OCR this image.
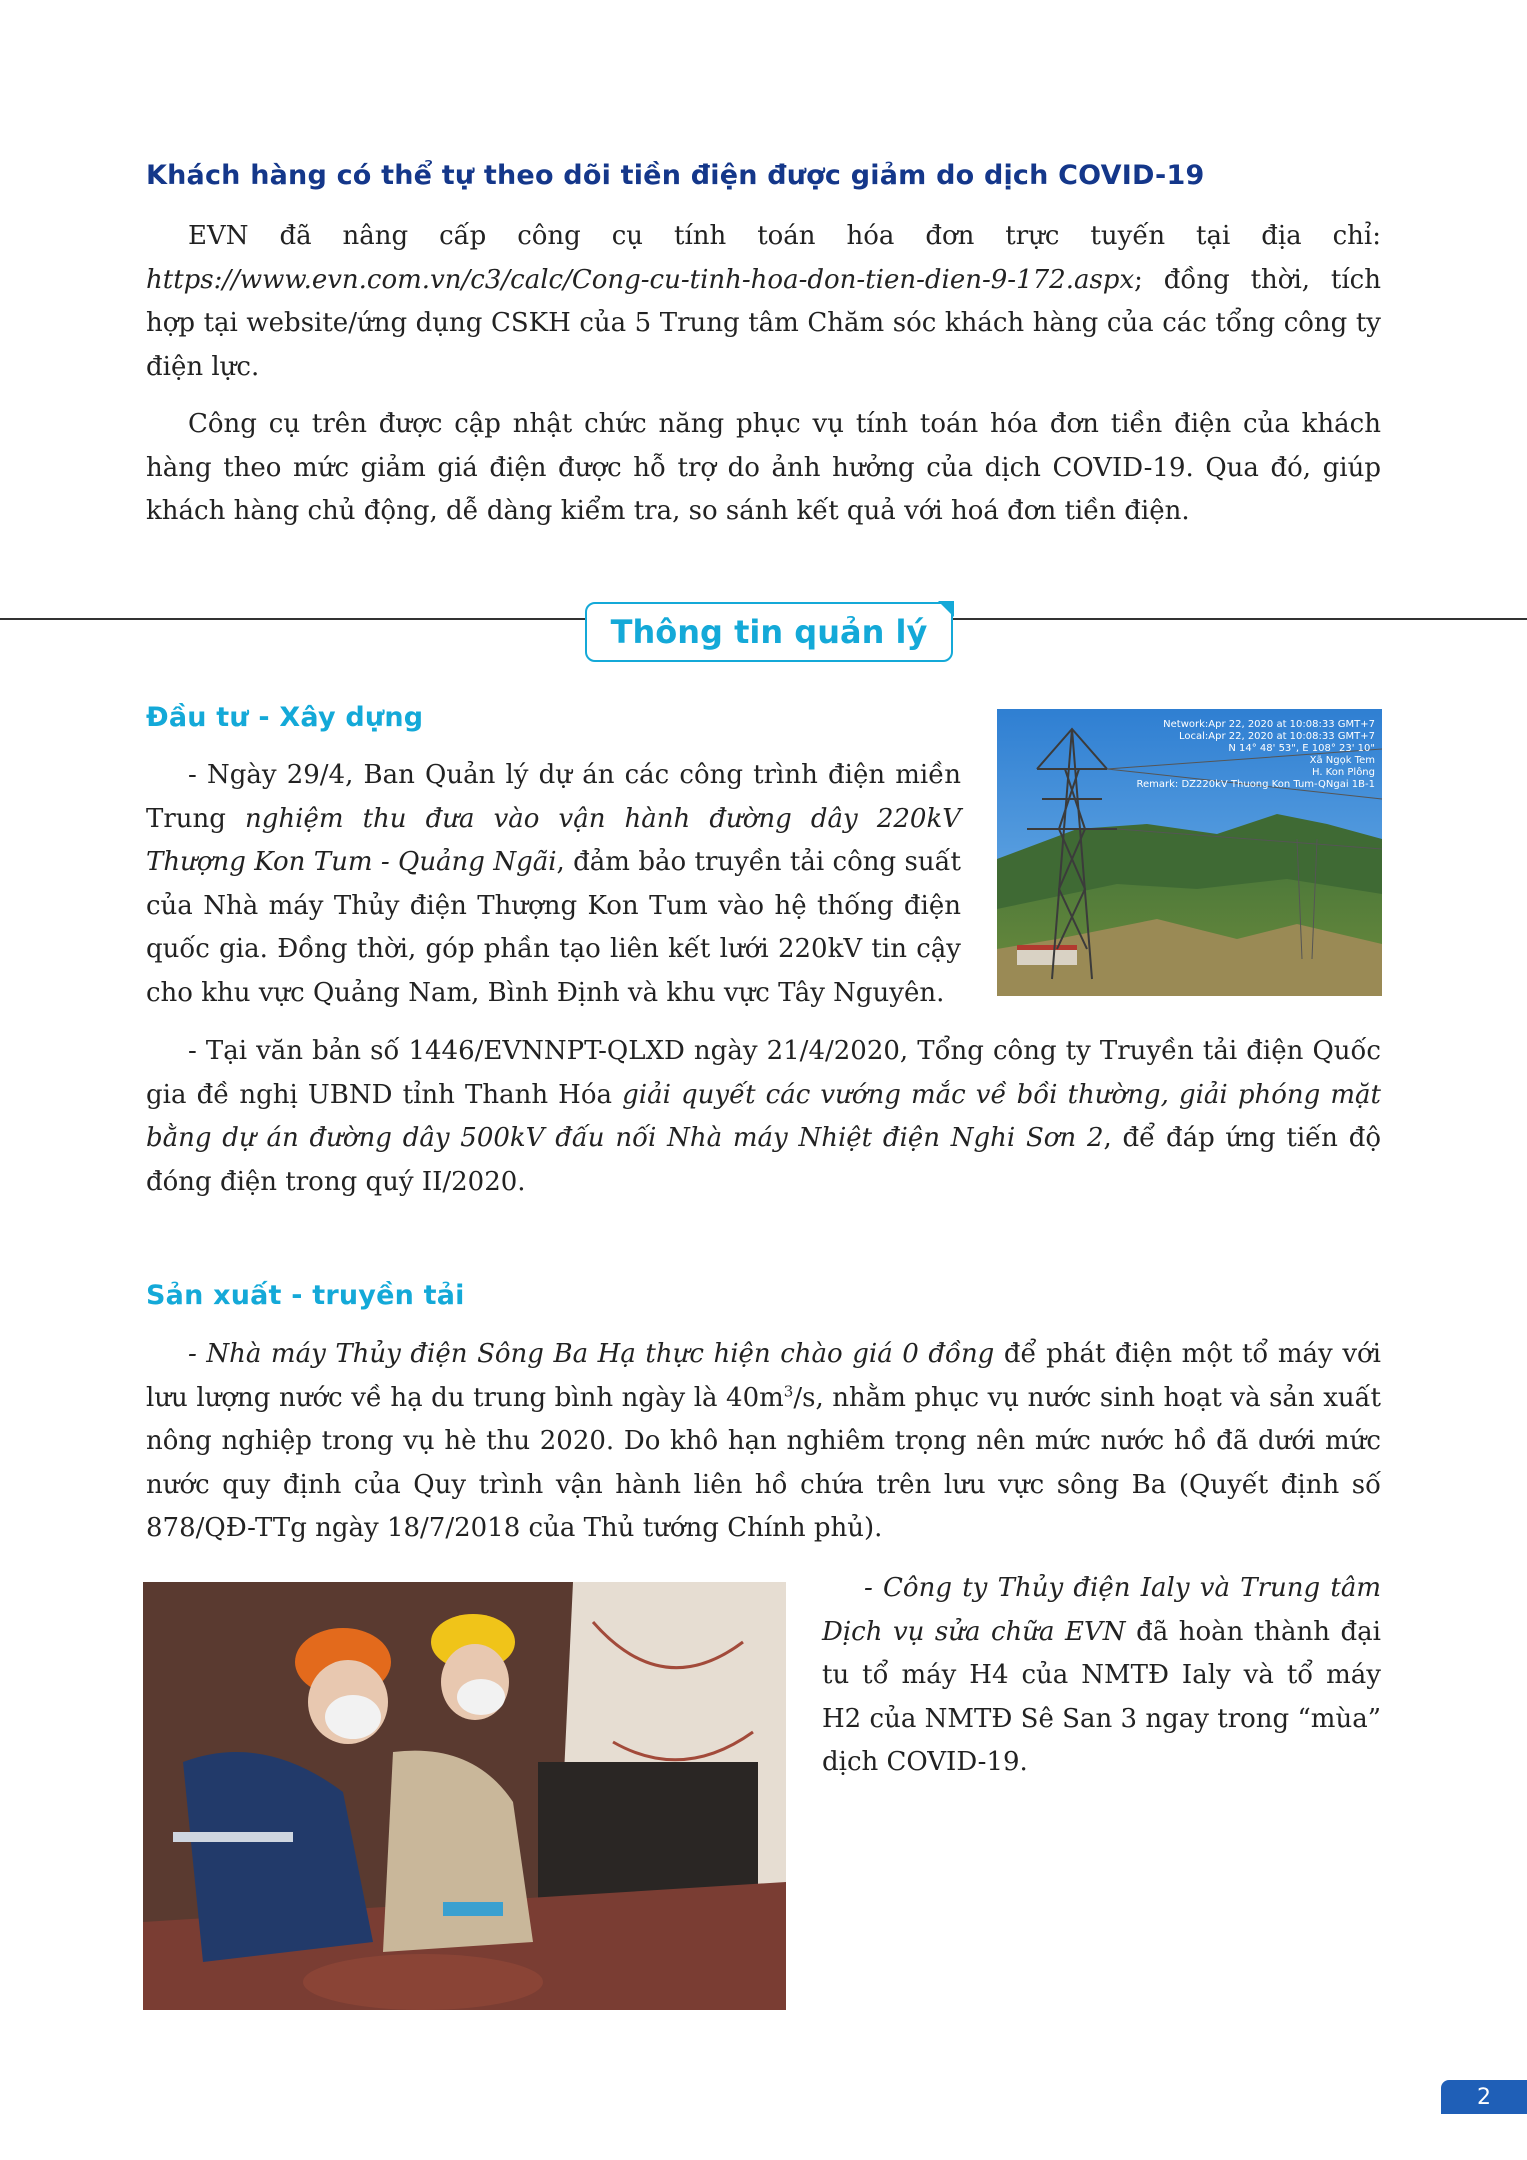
Khách hàng có thể tự theo dõi tiền điện được giảm do dịch COVID-19

EVN đã nâng cấp công cụ tính toán hóa đơn trực tuyến tại địa chỉ: https://www.evn.com.vn/c3/calc/Cong-cu-tinh-hoa-don-tien-dien-9-172.aspx; đồng thời, tích hợp tại website/ứng dụng CSKH của 5 Trung tâm Chăm sóc khách hàng của các tổng công ty điện lực.

Công cụ trên được cập nhật chức năng phục vụ tính toán hóa đơn tiền điện của khách hàng theo mức giảm giá điện được hỗ trợ do ảnh hưởng của dịch COVID-19. Qua đó, giúp khách hàng chủ động, dễ dàng kiểm tra, so sánh kết quả với hoá đơn tiền điện.

Thông tin quản lý
Đầu tư - Xây dựng	Network:Apr 22, 2020 at 10:08:33 GMT+7
Local:Apr 22, 2020 at 10:08:33 GMT+7
N 14° 48' 53", E 108° 23' 10"
Xã Ngọk Tem
H. Kon Plông
Remark: DZ220kV Thuong Kon Tum-QNgai 1B-1

- Ngày 29/4, Ban Quản lý dự án các công trình điện miền Trung nghiệm thu đưa vào vận hành đường dây 220kV Thượng Kon Tum - Quảng Ngãi, đảm bảo truyền tải công suất của Nhà máy Thủy điện Thượng Kon Tum vào hệ thống điện quốc gia. Đồng thời, góp phần tạo liên kết lưới 220kV tin cậy cho khu vực Quảng Nam, Bình Định và khu vực Tây Nguyên.

- Tại văn bản số 1446/EVNNPT-QLXD ngày 21/4/2020, Tổng công ty Truyền tải điện Quốc gia đề nghị UBND tỉnh Thanh Hóa giải quyết các vướng mắc về bồi thường, giải phóng mặt bằng dự án đường dây 500kV đấu nối Nhà máy Nhiệt điện Nghi Sơn 2, để đáp ứng tiến độ đóng điện trong quý II/2020.

Sản xuất - truyền tải

- Nhà máy Thủy điện Sông Ba Hạ thực hiện chào giá 0 đồng để phát điện một tổ máy với lưu lượng nước về hạ du trung bình ngày là $40m^3/s$, nhằm phục vụ nước sinh hoạt và sản xuất nông nghiệp trong vụ hè thu 2020. Do khô hạn nghiêm trọng nên mức nước hồ đã dưới mức nước quy định của Quy trình vận hành liên hồ chứa trên lưu vực sông Ba (Quyết định số 878/QĐ-TTg ngày 18/7/2018 của Thủ tướng Chính phủ).

- Công ty Thủy điện Ialy và Trung tâm Dịch vụ sửa chữa EVN đã hoàn thành đại tu tổ máy H4 của NMTĐ Ialy và tổ máy H2 của NMTĐ Sê San 3 ngay trong “mùa” dịch COVID-19.

2
